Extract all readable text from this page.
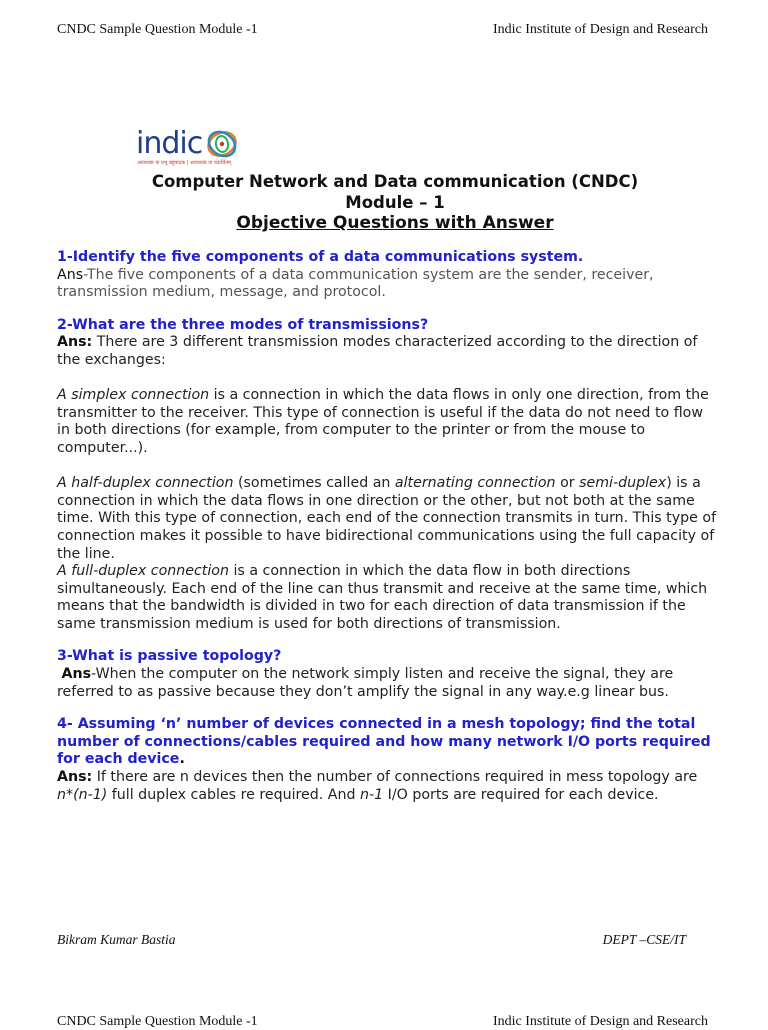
CNDC Sample Question Module -1	Indic Institute of Design and Research
indic
आवश्यकं वा प्रभु बहुवादक | आवश्यकं वा पदार्थितम्
Computer Network and Data communication (CNDC)
Module – 1
Objective Questions with Answer

1-Identify the five components of a data communications system.

Ans-The five components of a data communication system are the sender, receiver, transmission medium, message, and protocol.

2-What are the three modes of transmissions?

Ans: There are 3 different transmission modes characterized according to the direction of the exchanges:

A simplex connection is a connection in which the data flows in only one direction, from the transmitter to the receiver. This type of connection is useful if the data do not need to flow in both directions (for example, from computer to the printer or from the mouse to computer...).

A half-duplex connection (sometimes called an alternating connection or semi-duplex) is a connection in which the data flows in one direction or the other, but not both at the same time. With this type of connection, each end of the connection transmits in turn. This type of connection makes it possible to have bidirectional communications using the full capacity of the line.

A full-duplex connection is a connection in which the data flow in both directions simultaneously. Each end of the line can thus transmit and receive at the same time, which means that the bandwidth is divided in two for each direction of data transmission if the same transmission medium is used for both directions of transmission.

3-What is passive topology?

Ans-When the computer on the network simply listen and receive the signal, they are referred to as passive because they don’t amplify the signal in any way.e.g linear bus.

4- Assuming ‘n’ number of devices connected in a mesh topology; find the total number of connections/cables required and how many network I/O ports required for each device.

Ans: If there are n devices then the number of connections required in mess topology are n*(n-1) full duplex cables re required. And n-1 I/O ports are required for each device.

Bikram Kumar Bastia	DEPT –CSE/IT
CNDC Sample Question Module -1	Indic Institute of Design and Research
